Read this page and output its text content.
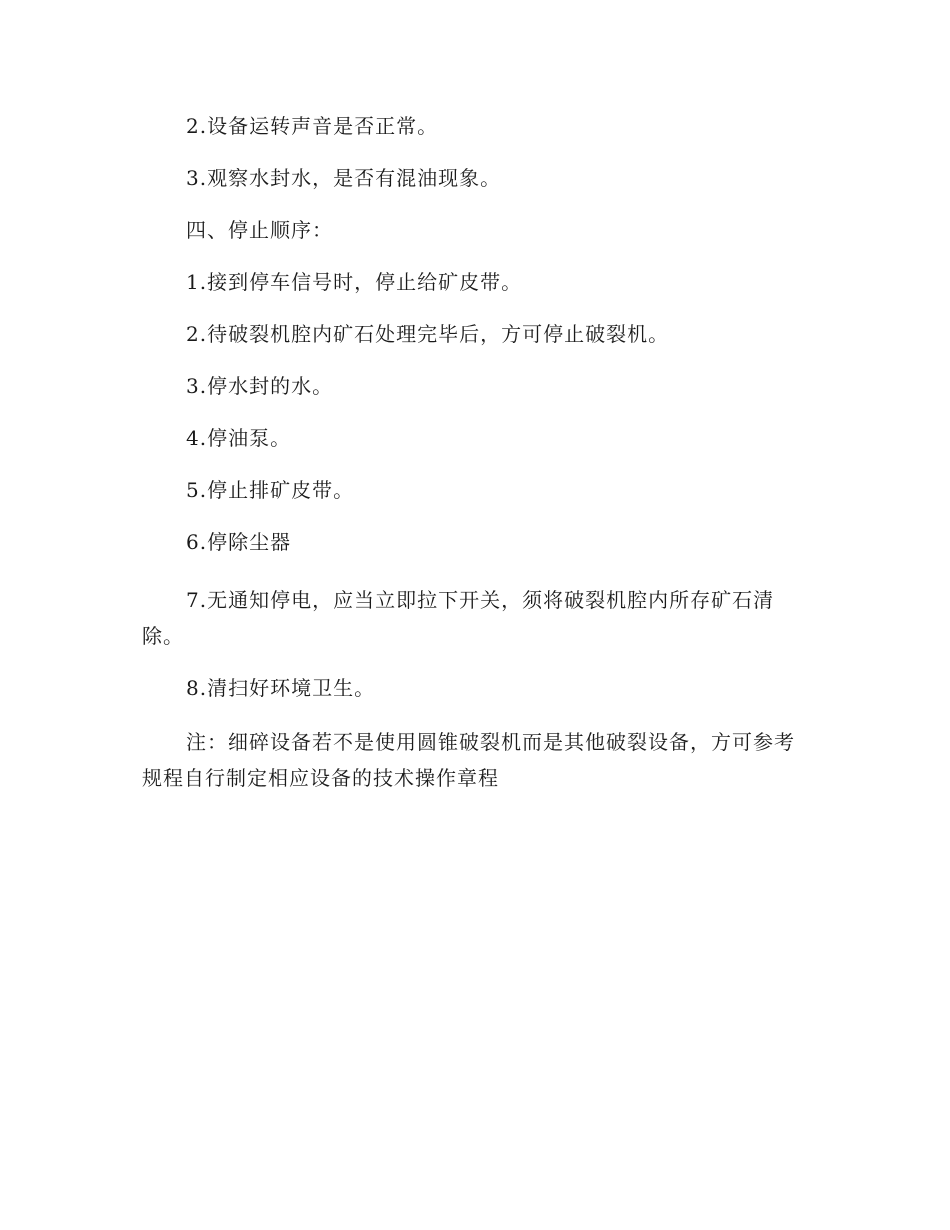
2.设备运转声音是否正常。

3.观察水封水，是否有混油现象。

四、停止顺序：

1.接到停车信号时，停止给矿皮带。

2.待破裂机腔内矿石处理完毕后，方可停止破裂机。

3.停水封的水。

4.停油泵。

5.停止排矿皮带。

6.停除尘器

7.无通知停电，应当立即拉下开关，须将破裂机腔内所存矿石清除。

8.清扫好环境卫生。

注：细碎设备若不是使用圆锥破裂机而是其他破裂设备，方可参考规程自行制定相应设备的技术操作章程
